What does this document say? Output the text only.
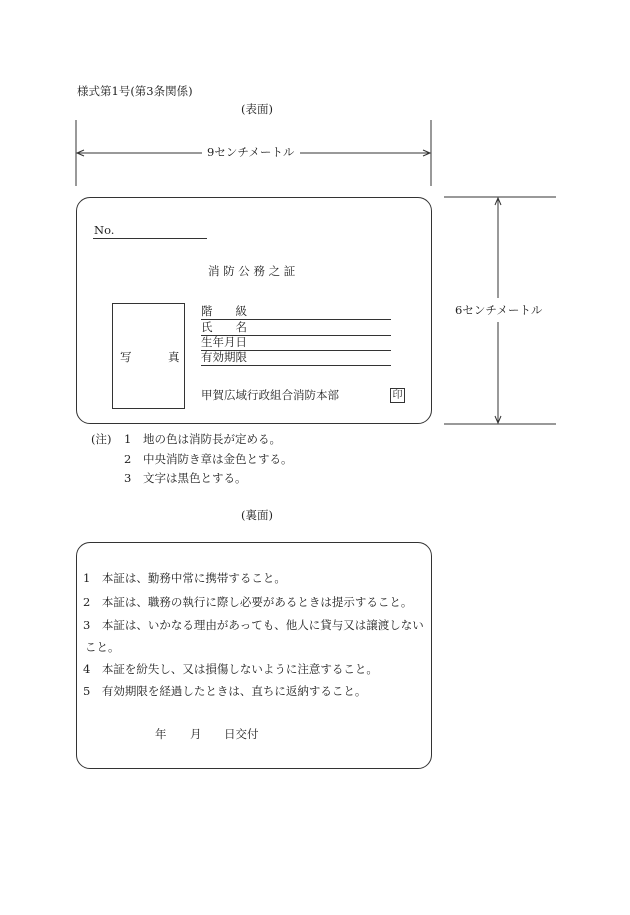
様式第1号(第3条関係)
(表面)
9センチメートル
6センチメートル
No.
消 防 公 務 之 証
写	真
階　　級
氏　　名
生年月日
有効期限
甲賀広域行政組合消防本部	印
(注) 1 地の色は消防長が定める。
2 中央消防き章は金色とする。
3 文字は黒色とする。
(裏面)
1　本証は、勤務中常に携帯すること。
2　本証は、職務の執行に際し必要があるときは提示すること。
3　本証は、いかなる理由があっても、他人に貸与又は譲渡しない
こと。
4　本証を紛失し、又は損傷しないように注意すること。
5　有効期限を経過したときは、直ちに返納すること。
年 月 日交付
